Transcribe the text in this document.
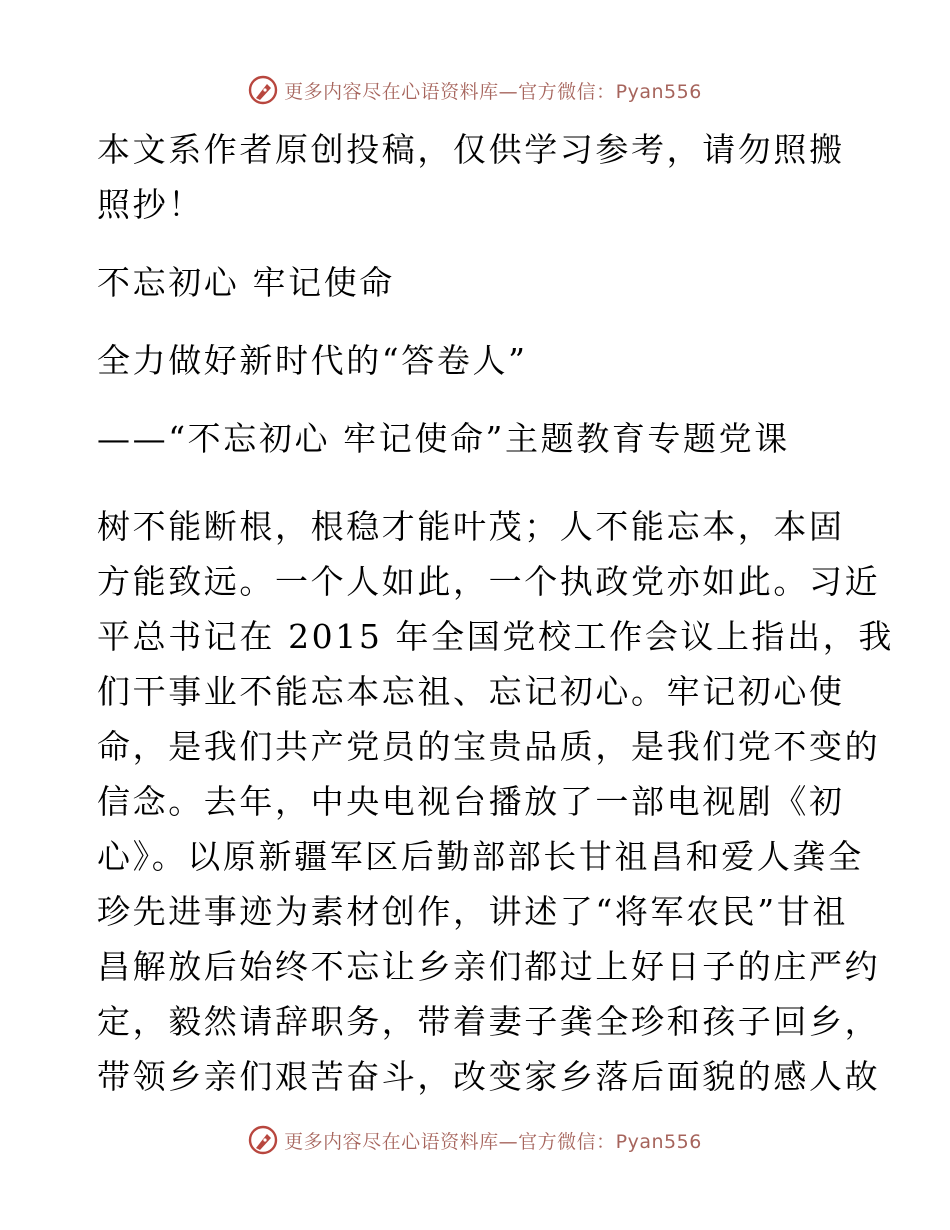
更多内容尽在心语资料库—官方微信：Pyan556

本文系作者原创投稿，仅供学习参考，请勿照搬

照抄！

不忘初心 牢记使命

全力做好新时代的“答卷人”

——“不忘初心 牢记使命”主题教育专题党课

树不能断根，根稳才能叶茂；人不能忘本，本固

方能致远。一个人如此，一个执政党亦如此。习近

平总书记在 2015 年全国党校工作会议上指出，我

们干事业不能忘本忘祖、忘记初心。牢记初心使

命，是我们共产党员的宝贵品质，是我们党不变的

信念。去年，中央电视台播放了一部电视剧《初

心》。以原新疆军区后勤部部长甘祖昌和爱人龚全

珍先进事迹为素材创作，讲述了“将军农民”甘祖

昌解放后始终不忘让乡亲们都过上好日子的庄严约

定，毅然请辞职务，带着妻子龚全珍和孩子回乡，

带领乡亲们艰苦奋斗，改变家乡落后面貌的感人故

更多内容尽在心语资料库—官方微信：Pyan556
